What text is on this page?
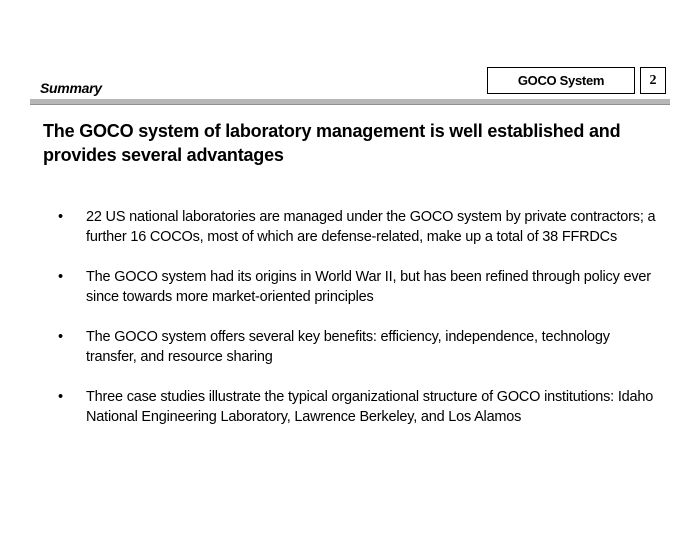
Summary	GOCO System	2
The GOCO system of laboratory management is well established and provides several advantages
• 22 US national laboratories are managed under the GOCO system by private contractors; a further 16 COCOs, most of which are defense-related, make up a total of 38 FFRDCs
• The GOCO system had its origins in World War II, but has been refined through policy ever since towards more market-oriented principles
• The GOCO system offers several key benefits: efficiency, independence, technology transfer, and resource sharing
• Three case studies illustrate the typical organizational structure of GOCO institutions: Idaho National Engineering Laboratory, Lawrence Berkeley, and Los Alamos
